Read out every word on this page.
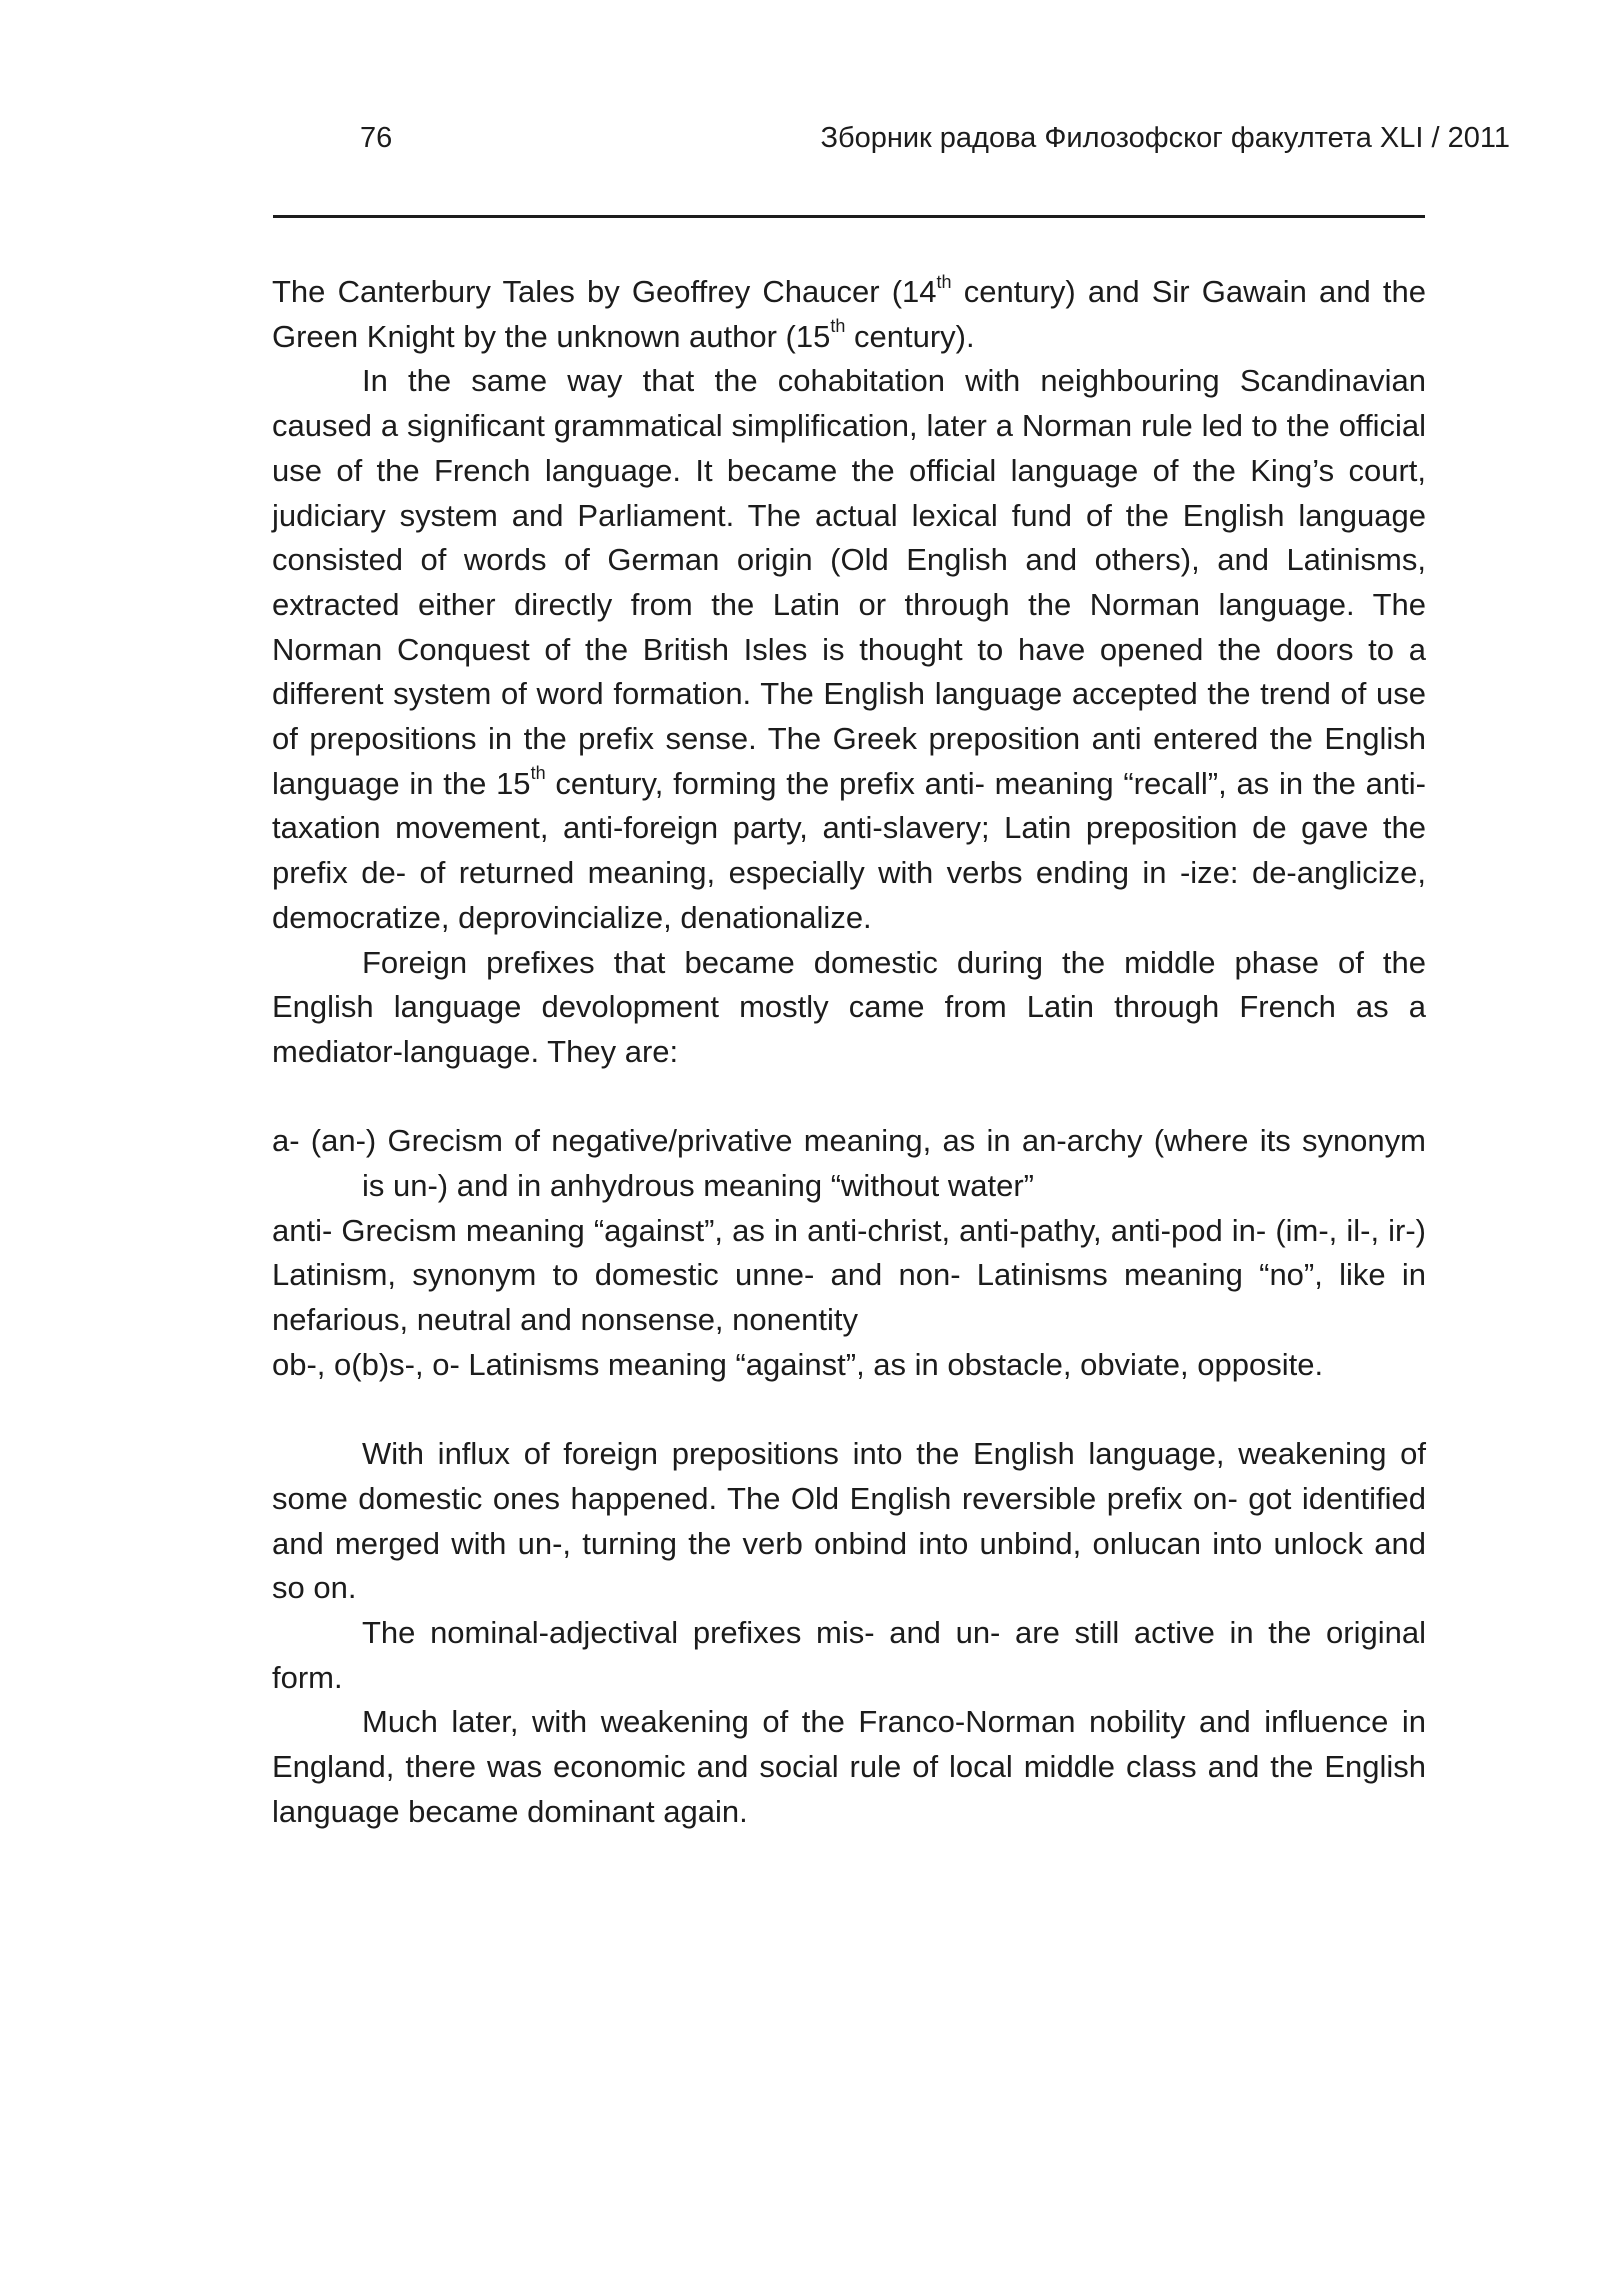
76	Зборник радова Филозофског факултета XLI / 2011

The Canterbury Tales by Geoffrey Chaucer (14th century) and Sir Gawain and the Green Knight by the unknown author (15th century).

In the same way that the cohabitation with neighbouring Scandinavian caused a significant grammatical simplification, later a Norman rule led to the official use of the French language. It became the official language of the King’s court, judiciary system and Parliament. The actual lexical fund of the English language consisted of words of German origin (Old English and others), and Latinisms, extracted either directly from the Latin or through the Norman language. The Norman Conquest of the British Isles is thought to have opened the doors to a different system of word formation. The English language accepted the trend of use of prepositions in the prefix sense. The Greek preposition anti entered the English language in the 15th century, forming the prefix anti- meaning “recall”, as in the anti-taxation movement, anti-foreign party, anti-slavery; Latin preposition de gave the prefix de- of returned meaning, especially with verbs ending in -ize: de-anglicize, democratize, deprovincialize, denationalize.

Foreign prefixes that became domestic during the middle phase of the English language devolopment mostly came from Latin through French as a mediator-language. They are:

a- (an-) Grecism of negative/privative meaning, as in an-archy (where its synonym is un-) and in anhydrous meaning “without water”

anti- Grecism meaning “against”, as in anti-christ, anti-pathy, anti-pod in- (im-, il-, ir-) Latinism, synonym to domestic unne- and non- Latinisms meaning “no”, like in nefarious, neutral and nonsense, nonentity

ob-, o(b)s-, o- Latinisms meaning “against”, as in obstacle, obviate, opposite.

With influx of foreign prepositions into the English language, weakening of some domestic ones happened. The Old English reversible prefix on- got identified and merged with un-, turning the verb onbind into unbind, onlucan into unlock and so on.

The nominal-adjectival prefixes mis- and un- are still active in the original form.

Much later, with weakening of the Franco-Norman nobility and influence in England, there was economic and social rule of local middle class and the English language became dominant again.
